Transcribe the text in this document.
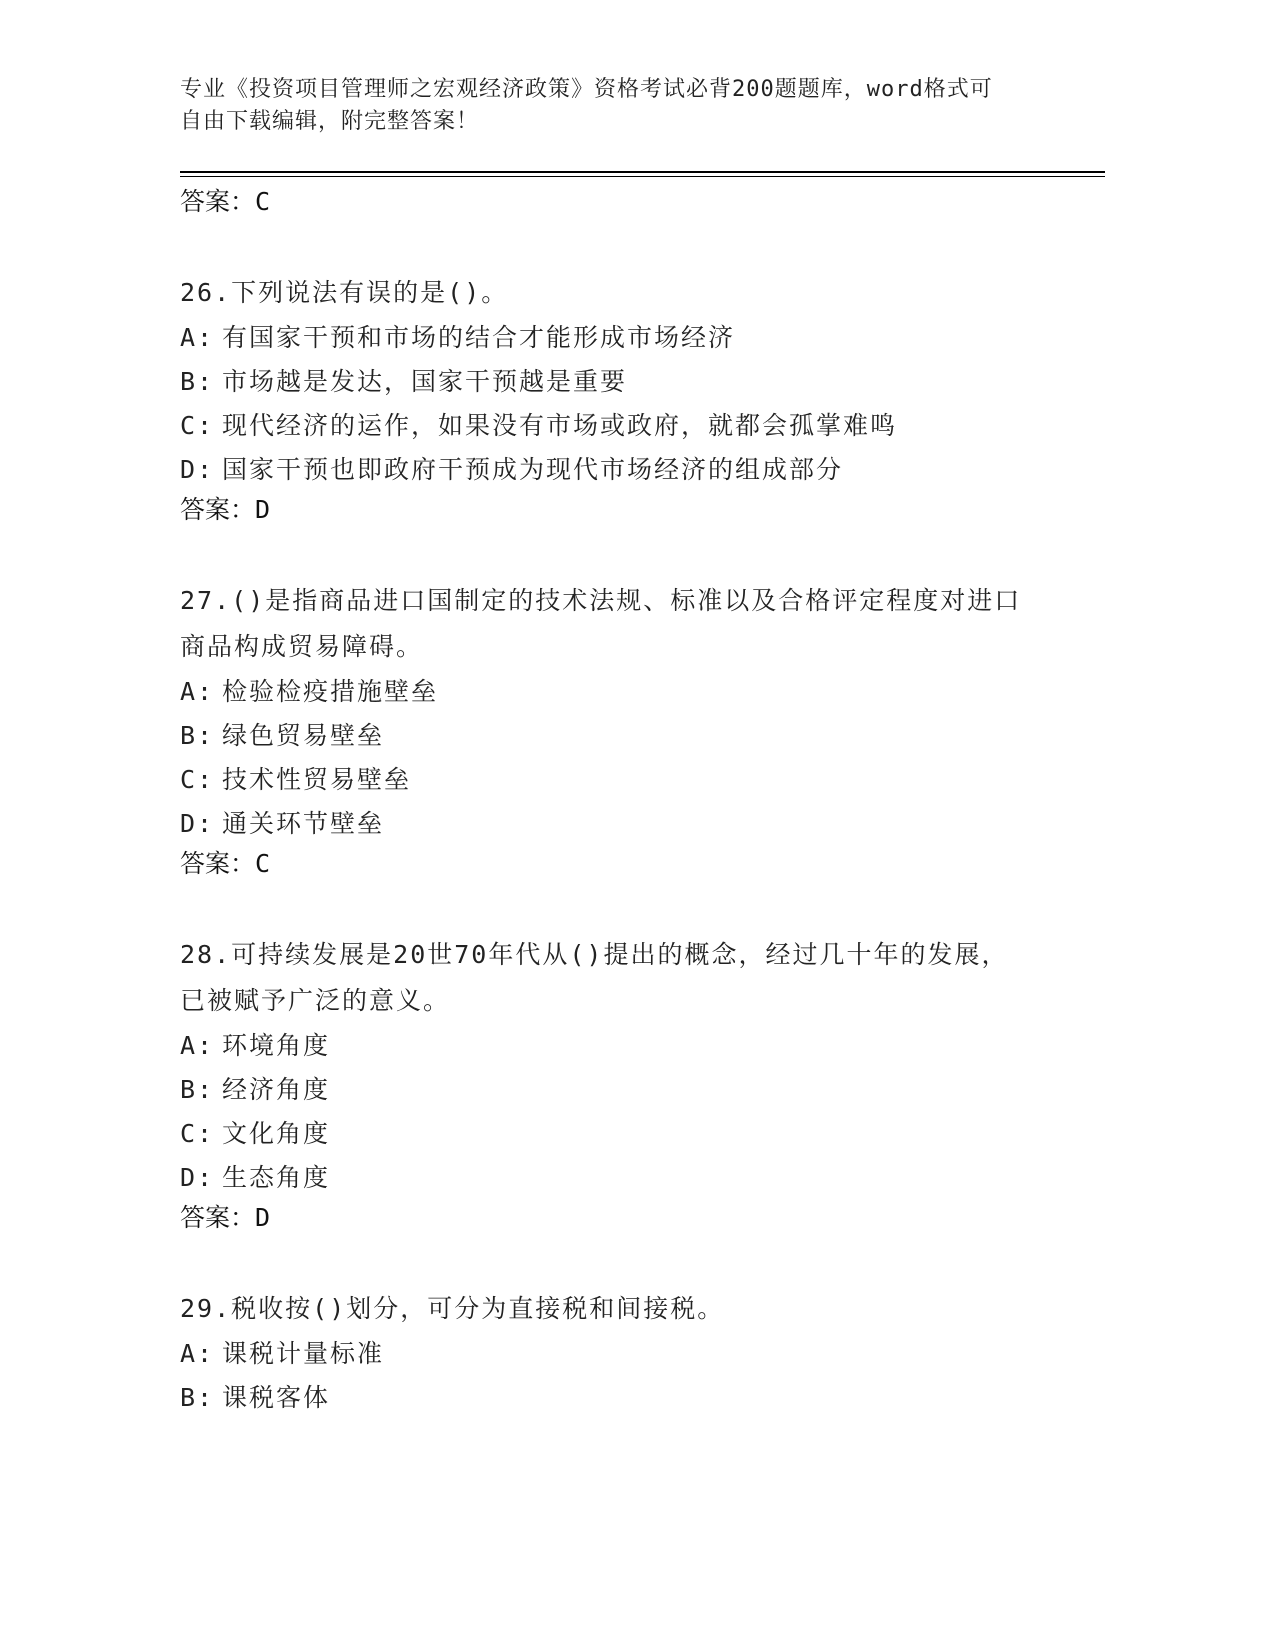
专业《投资项目管理师之宏观经济政策》资格考试必背200题题库，word格式可
自由下载编辑，附完整答案！
答案：C
26.下列说法有误的是()。
A: 有国家干预和市场的结合才能形成市场经济
B: 市场越是发达，国家干预越是重要
C: 现代经济的运作，如果没有市场或政府，就都会孤掌难鸣
D: 国家干预也即政府干预成为现代市场经济的组成部分
答案：D
27.()是指商品进口国制定的技术法规、标准以及合格评定程度对进口
商品构成贸易障碍。
A: 检验检疫措施壁垒
B: 绿色贸易壁垒
C: 技术性贸易壁垒
D: 通关环节壁垒
答案：C
28.可持续发展是20世70年代从()提出的概念，经过几十年的发展，
已被赋予广泛的意义。
A: 环境角度
B: 经济角度
C: 文化角度
D: 生态角度
答案：D
29.税收按()划分，可分为直接税和间接税。
A: 课税计量标准
B: 课税客体
